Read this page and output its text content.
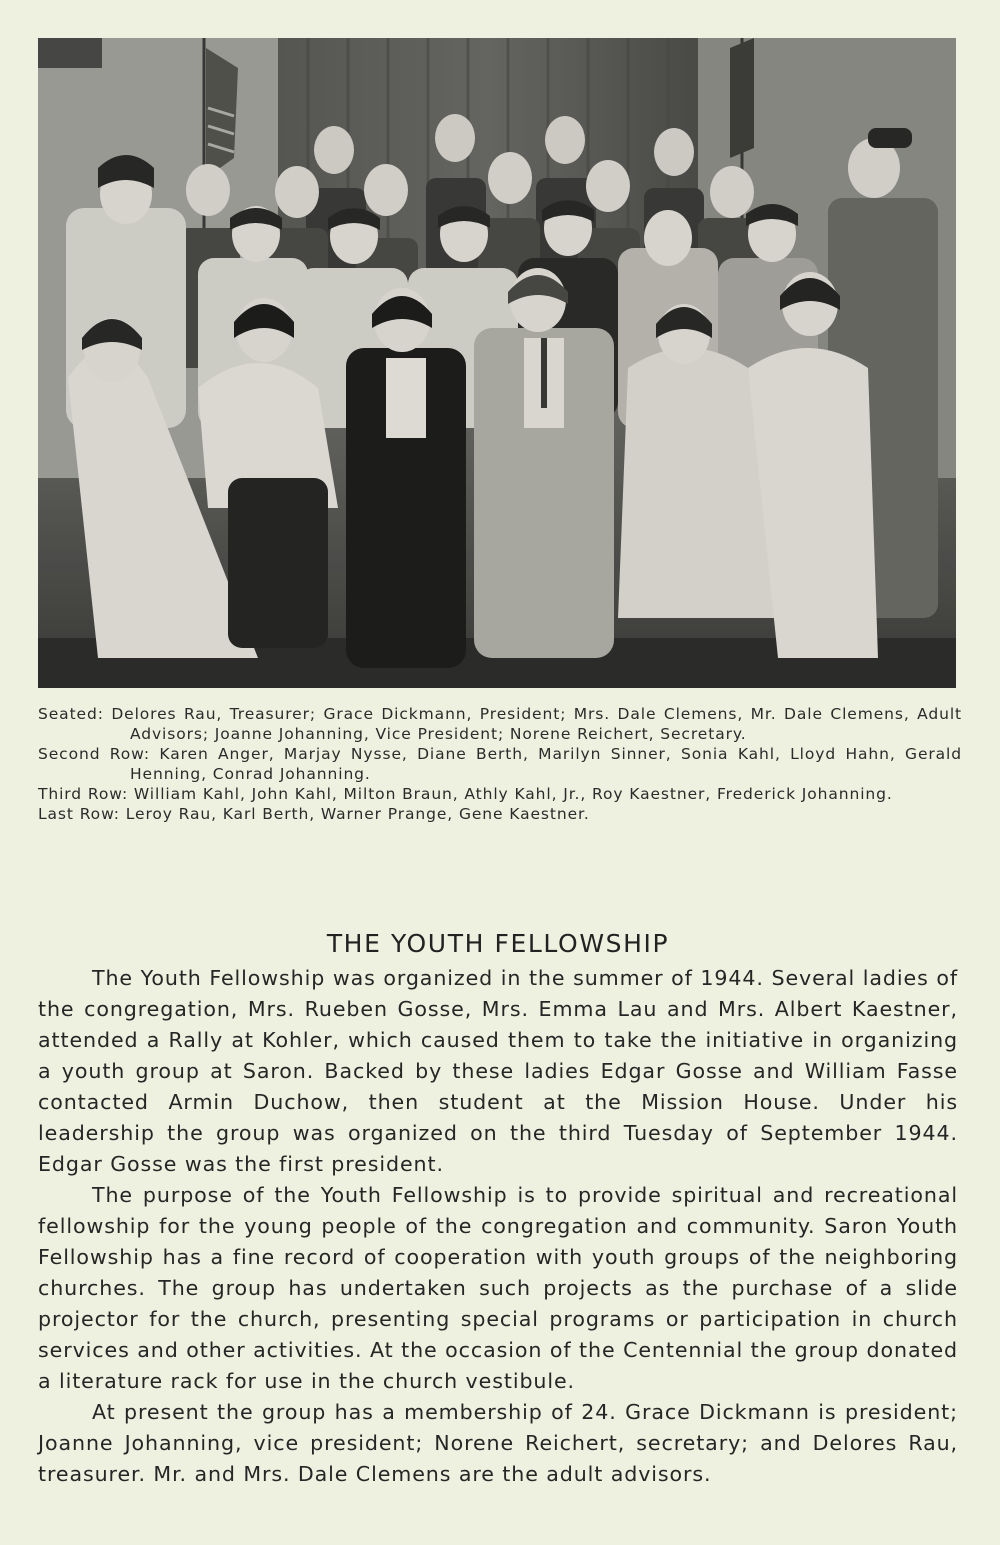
Seated: Delores Rau, Treasurer; Grace Dickmann, President; Mrs. Dale Clemens, Mr. Dale Clemens, Adult Advisors; Joanne Johanning, Vice President; Norene Reichert, Secretary.
Second Row: Karen Anger, Marjay Nysse, Diane Berth, Marilyn Sinner, Sonia Kahl, Lloyd Hahn, Gerald Henning, Conrad Johanning.
Third Row: William Kahl, John Kahl, Milton Braun, Athly Kahl, Jr., Roy Kaestner, Frederick Johanning.
Last Row: Leroy Rau, Karl Berth, Warner Prange, Gene Kaestner.
THE YOUTH FELLOWSHIP

The Youth Fellowship was organized in the summer of 1944. Several ladies of the congregation, Mrs. Rueben Gosse, Mrs. Emma Lau and Mrs. Albert Kaestner, attended a Rally at Kohler, which caused them to take the initiative in organizing a youth group at Saron. Backed by these ladies Edgar Gosse and William Fasse contacted Armin Duchow, then student at the Mission House. Under his leadership the group was organized on the third Tuesday of September 1944. Edgar Gosse was the first president.

The purpose of the Youth Fellowship is to provide spiritual and recreational fellowship for the young people of the congregation and community. Saron Youth Fellowship has a fine record of cooperation with youth groups of the neighboring churches. The group has undertaken such projects as the purchase of a slide projector for the church, presenting special programs or participation in church services and other activities. At the occasion of the Centennial the group donated a literature rack for use in the church vestibule.

At present the group has a membership of 24. Grace Dickmann is president; Joanne Johanning, vice president; Norene Reichert, secretary; and Delores Rau, treasurer. Mr. and Mrs. Dale Clemens are the adult advisors.
